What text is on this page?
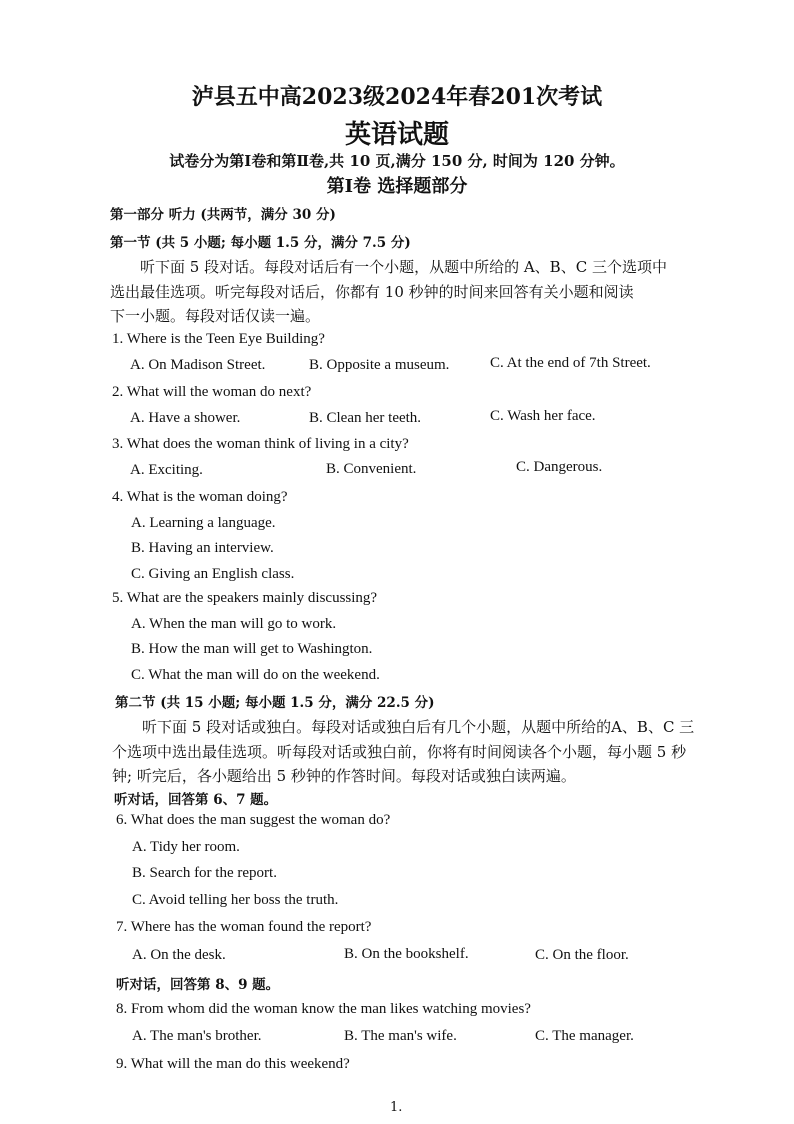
泸县五中高2023级2024年春201次考试
英语试题
试卷分为第Ⅰ卷和第Ⅱ卷,共 10 页,满分 150 分, 时间为 120 分钟。
第Ⅰ卷 选择题部分
第一部分 听力 (共两节，满分 30 分)
第一节 (共 5 小题; 每小题 1.5 分，满分 7.5 分)
听下面 5 段对话。每段对话后有一个小题，从题中所给的 A、B、C 三个选项中
选出最佳选项。听完每段对话后，你都有 10 秒钟的时间来回答有关小题和阅读
下一小题。每段对话仅读一遍。
1. Where is the Teen Eye Building?
A. On Madison Street.	B. Opposite a museum.	C. At the end of 7th Street.
2. What will the woman do next?
A. Have a shower.	B. Clean her teeth.	C. Wash her face.
3. What does the woman think of living in a city?
A. Exciting.	B. Convenient.	C. Dangerous.
4. What is the woman doing?
A. Learning a language.
B. Having an interview.
C. Giving an English class.
5. What are the speakers mainly discussing?
A. When the man will go to work.
B. How the man will get to Washington.
C. What the man will do on the weekend.
第二节 (共 15 小题; 每小题 1.5 分，满分 22.5 分)
听下面 5 段对话或独白。每段对话或独白后有几个小题，从题中所给的A、B、C 三
个选项中选出最佳选项。听每段对话或独白前，你将有时间阅读各个小题，每小题 5 秒
钟; 听完后，各小题给出 5 秒钟的作答时间。每段对话或独白读两遍。
听对话，回答第 6、7 题。
6. What does the man suggest the woman do?
A. Tidy her room.
B. Search for the report.
C. Avoid telling her boss the truth.
7. Where has the woman found the report?
A. On the desk.	B. On the bookshelf.	C. On the floor.
听对话，回答第 8、9 题。
8. From whom did the woman know the man likes watching movies?
A. The man's brother.	B. The man's wife.	C. The manager.
9. What will the man do this weekend?
1.
